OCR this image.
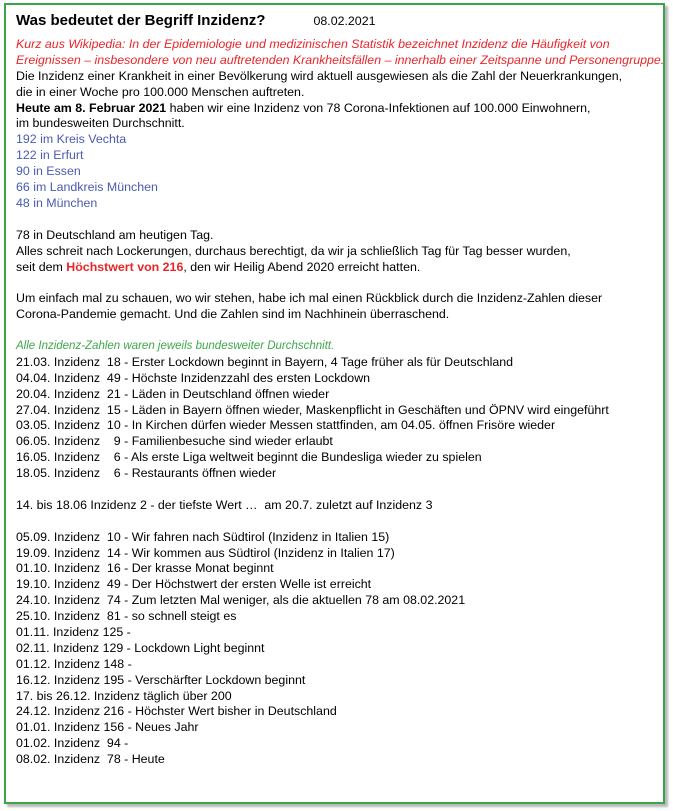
Was bedeutet der Begriff Inzidenz?	08.02.2021
Kurz aus Wikipedia: In der Epidemiologie und medizinischen Statistik bezeichnet Inzidenz die Häufigkeit von Ereignissen – insbesondere von neu auftretenden Krankheitsfällen – innerhalb einer Zeitspanne und Personengruppe.
Die Inzidenz einer Krankheit in einer Bevölkerung wird aktuell ausgewiesen als die Zahl der Neuerkrankungen,
die in einer Woche pro 100.000 Menschen auftreten.
Heute am 8. Februar 2021 haben wir eine Inzidenz von 78 Corona-Infektionen auf 100.000 Einwohnern,
im bundesweiten Durchschnitt.
192 im Kreis Vechta
122 in Erfurt
90 in Essen
66 im Landkreis München
48 in München
78 in Deutschland am heutigen Tag.
Alles schreit nach Lockerungen, durchaus berechtigt, da wir ja schließlich Tag für Tag besser wurden,
seit dem Höchstwert von 216, den wir Heilig Abend 2020 erreicht hatten.
Um einfach mal zu schauen, wo wir stehen, habe ich mal einen Rückblick durch die Inzidenz-Zahlen dieser
Corona-Pandemie gemacht. Und die Zahlen sind im Nachhinein überraschend.
Alle Inzidenz-Zahlen waren jeweils bundesweiter Durchschnitt.
21.03. Inzidenz  18 - Erster Lockdown beginnt in Bayern, 4 Tage früher als für Deutschland
04.04. Inzidenz  49 - Höchste Inzidenzzahl des ersten Lockdown
20.04. Inzidenz  21 - Läden in Deutschland öffnen wieder
27.04. Inzidenz  15 - Läden in Bayern öffnen wieder, Maskenpflicht in Geschäften und ÖPNV wird eingeführt
03.05. Inzidenz  10 - In Kirchen dürfen wieder Messen stattfinden, am 04.05. öffnen Frisöre wieder
06.05. Inzidenz    9 - Familienbesuche sind wieder erlaubt
16.05. Inzidenz    6 - Als erste Liga weltweit beginnt die Bundesliga wieder zu spielen
18.05. Inzidenz    6 - Restaurants öffnen wieder
14. bis 18.06 Inzidenz 2 - der tiefste Wert …  am 20.7. zuletzt auf Inzidenz 3
05.09. Inzidenz  10 - Wir fahren nach Südtirol (Inzidenz in Italien 15)
19.09. Inzidenz  14 - Wir kommen aus Südtirol (Inzidenz in Italien 17)
01.10. Inzidenz  16 - Der krasse Monat beginnt
19.10. Inzidenz  49 - Der Höchstwert der ersten Welle ist erreicht
24.10. Inzidenz  74 - Zum letzten Mal weniger, als die aktuellen 78 am 08.02.2021
25.10. Inzidenz  81 - so schnell steigt es
01.11. Inzidenz 125 -
02.11. Inzidenz 129 - Lockdown Light beginnt
01.12. Inzidenz 148 -
16.12. Inzidenz 195 - Verschärfter Lockdown beginnt
17. bis 26.12. Inzidenz täglich über 200
24.12. Inzidenz 216 - Höchster Wert bisher in Deutschland
01.01. Inzidenz 156 - Neues Jahr
01.02. Inzidenz  94 -
08.02. Inzidenz  78 - Heute
